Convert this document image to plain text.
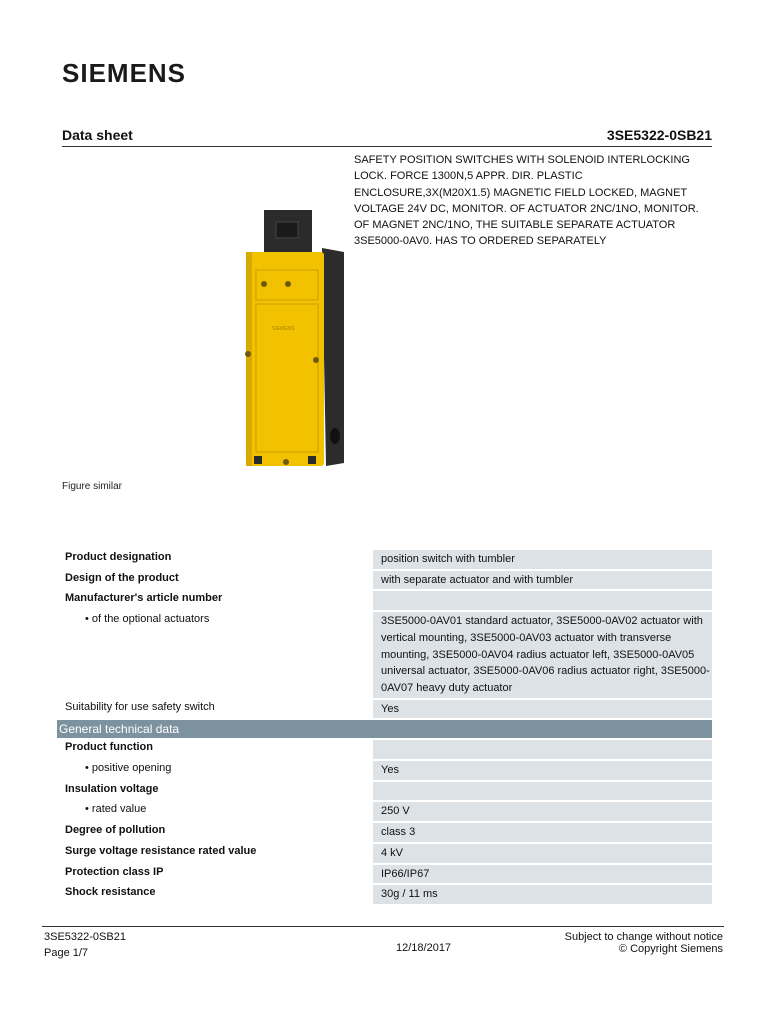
SIEMENS
Data sheet	3SE5322-0SB21
SAFETY POSITION SWITCHES WITH SOLENOID INTERLOCKING LOCK. FORCE 1300N,5 APPR. DIR. PLASTIC ENCLOSURE,3X(M20X1.5) MAGNETIC FIELD LOCKED, MAGNET VOLTAGE 24V DC, MONITOR. OF ACTUATOR 2NC/1NO, MONITOR. OF MAGNET 2NC/1NO, THE SUITABLE SEPARATE ACTUATOR 3SE5000-0AV0. HAS TO ORDERED SEPARATELY
SIEMENS
Figure similar
Product designation	position switch with tumbler
Design of the product	with separate actuator and with tumbler
Manufacturer's article number	
• of the optional actuators	3SE5000-0AV01 standard actuator, 3SE5000-0AV02 actuator with vertical mounting, 3SE5000-0AV03 actuator with transverse mounting, 3SE5000-0AV04 radius actuator left, 3SE5000-0AV05 universal actuator, 3SE5000-0AV06 radius actuator right, 3SE5000-0AV07 heavy duty actuator
Suitability for use safety switch	Yes
General technical data	
Product function	
• positive opening	Yes
Insulation voltage	
• rated value	250 V
Degree of pollution	class 3
Surge voltage resistance rated value	4 kV
Protection class IP	IP66/IP67
Shock resistance	30g / 11 ms
3SE5322-0SB21
Page 1/7	12/18/2017
Subject to change without notice
© Copyright Siemens
